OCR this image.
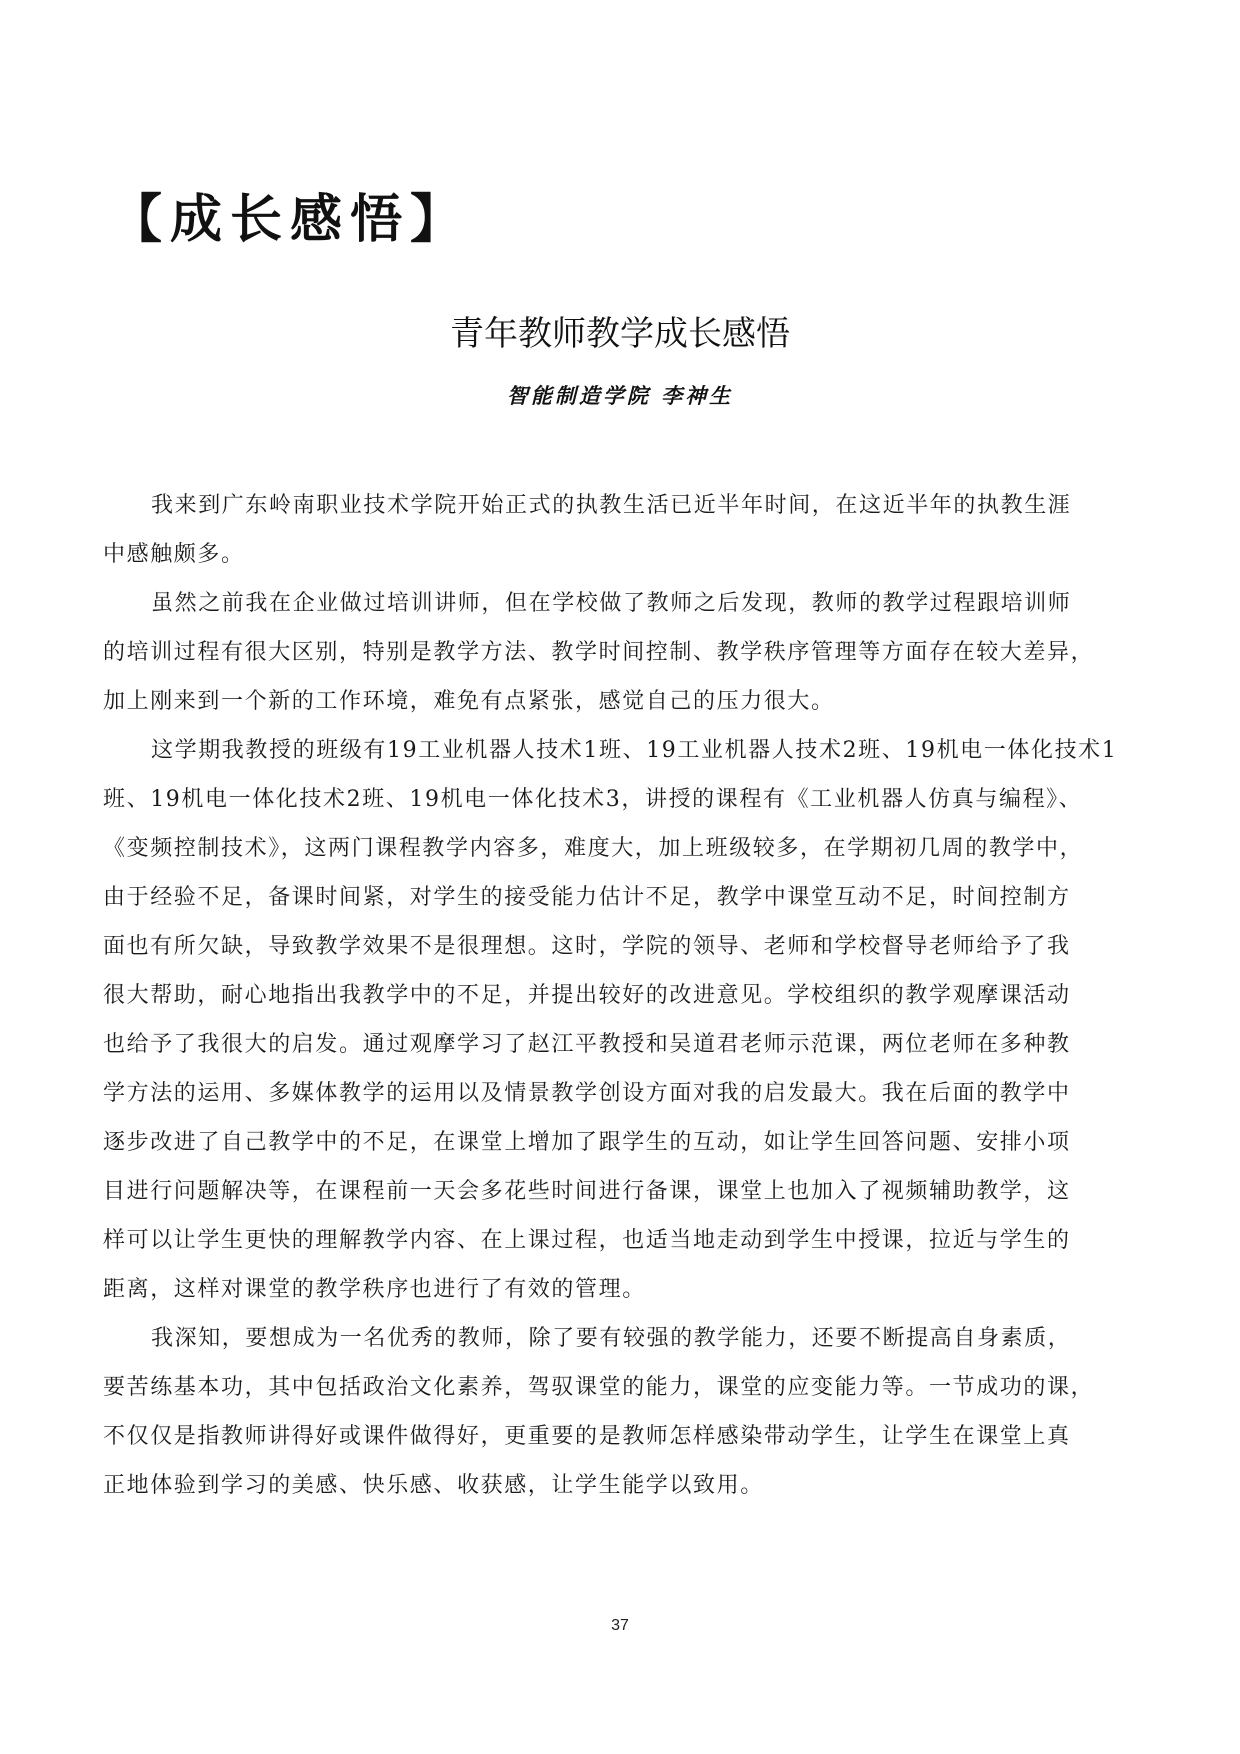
【成长感悟】
青年教师教学成长感悟
智能制造学院 李神生

我来到广东岭南职业技术学院开始正式的执教生活已近半年时间，在这近半年的执教生涯
中感触颇多。

虽然之前我在企业做过培训讲师，但在学校做了教师之后发现，教师的教学过程跟培训师
的培训过程有很大区别，特别是教学方法、教学时间控制、教学秩序管理等方面存在较大差异，
加上刚来到一个新的工作环境，难免有点紧张，感觉自己的压力很大。

这学期我教授的班级有19工业机器人技术1班、19工业机器人技术2班、19机电一体化技术1
班、19机电一体化技术2班、19机电一体化技术3，讲授的课程有《工业机器人仿真与编程》、
《变频控制技术》，这两门课程教学内容多，难度大，加上班级较多，在学期初几周的教学中，
由于经验不足，备课时间紧，对学生的接受能力估计不足，教学中课堂互动不足，时间控制方
面也有所欠缺，导致教学效果不是很理想。这时，学院的领导、老师和学校督导老师给予了我
很大帮助，耐心地指出我教学中的不足，并提出较好的改进意见。学校组织的教学观摩课活动
也给予了我很大的启发。通过观摩学习了赵江平教授和吴道君老师示范课，两位老师在多种教
学方法的运用、多媒体教学的运用以及情景教学创设方面对我的启发最大。我在后面的教学中
逐步改进了自己教学中的不足，在课堂上增加了跟学生的互动，如让学生回答问题、安排小项
目进行问题解决等，在课程前一天会多花些时间进行备课，课堂上也加入了视频辅助教学，这
样可以让学生更快的理解教学内容、在上课过程，也适当地走动到学生中授课，拉近与学生的
距离，这样对课堂的教学秩序也进行了有效的管理。

我深知，要想成为一名优秀的教师，除了要有较强的教学能力，还要不断提高自身素质，
要苦练基本功，其中包括政治文化素养，驾驭课堂的能力，课堂的应变能力等。一节成功的课，
不仅仅是指教师讲得好或课件做得好，更重要的是教师怎样感染带动学生，让学生在课堂上真
正地体验到学习的美感、快乐感、收获感，让学生能学以致用。

37
